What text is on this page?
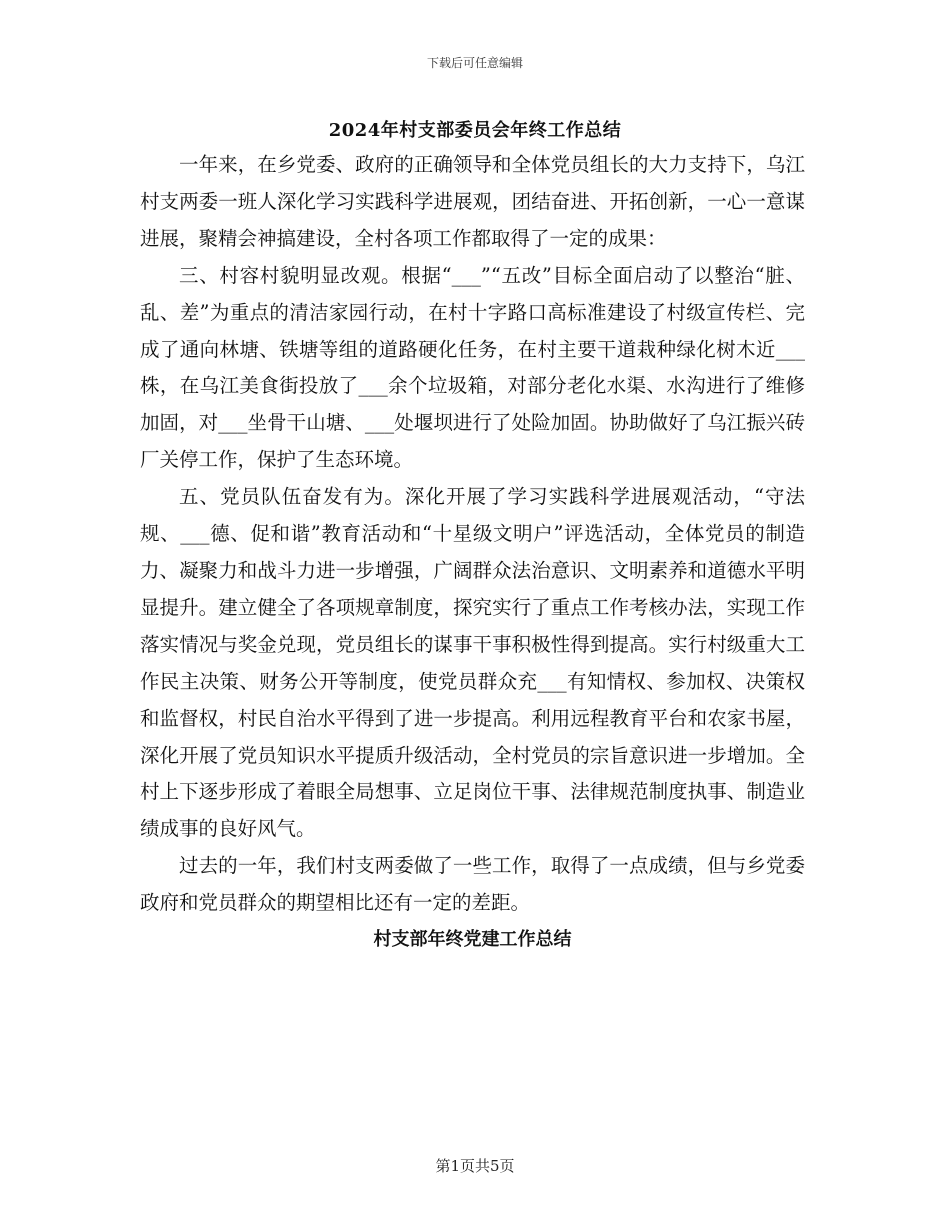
下载后可任意编辑
2024年村支部委员会年终工作总结

一年来，在乡党委、政府的正确领导和全体党员组长的大力支持下，乌江村支两委一班人深化学习实践科学进展观，团结奋进、开拓创新，一心一意谋进展，聚精会神搞建设，全村各项工作都取得了一定的成果：

三、村容村貌明显改观。根据“___”“五改”目标全面启动了以整治“脏、乱、差”为重点的清洁家园行动，在村十字路口高标准建设了村级宣传栏、完成了通向林塘、铁塘等组的道路硬化任务，在村主要干道栽种绿化树木近___株，在乌江美食街投放了___余个垃圾箱，对部分老化水渠、水沟进行了维修加固，对___坐骨干山塘、___处堰坝进行了处险加固。协助做好了乌江振兴砖厂关停工作，保护了生态环境。

五、党员队伍奋发有为。深化开展了学习实践科学进展观活动，“守法规、___德、促和谐”教育活动和“十星级文明户”评选活动，全体党员的制造力、凝聚力和战斗力进一步增强，广阔群众法治意识、文明素养和道德水平明显提升。建立健全了各项规章制度，探究实行了重点工作考核办法，实现工作落实情况与奖金兑现，党员组长的谋事干事积极性得到提高。实行村级重大工作民主决策、财务公开等制度，使党员群众充___有知情权、参加权、决策权和监督权，村民自治水平得到了进一步提高。利用远程教育平台和农家书屋，深化开展了党员知识水平提质升级活动，全村党员的宗旨意识进一步增加。全村上下逐步形成了着眼全局想事、立足岗位干事、法律规范制度执事、制造业绩成事的良好风气。

过去的一年，我们村支两委做了一些工作，取得了一点成绩，但与乡党委政府和党员群众的期望相比还有一定的差距。

村支部年终党建工作总结

第1页共5页
